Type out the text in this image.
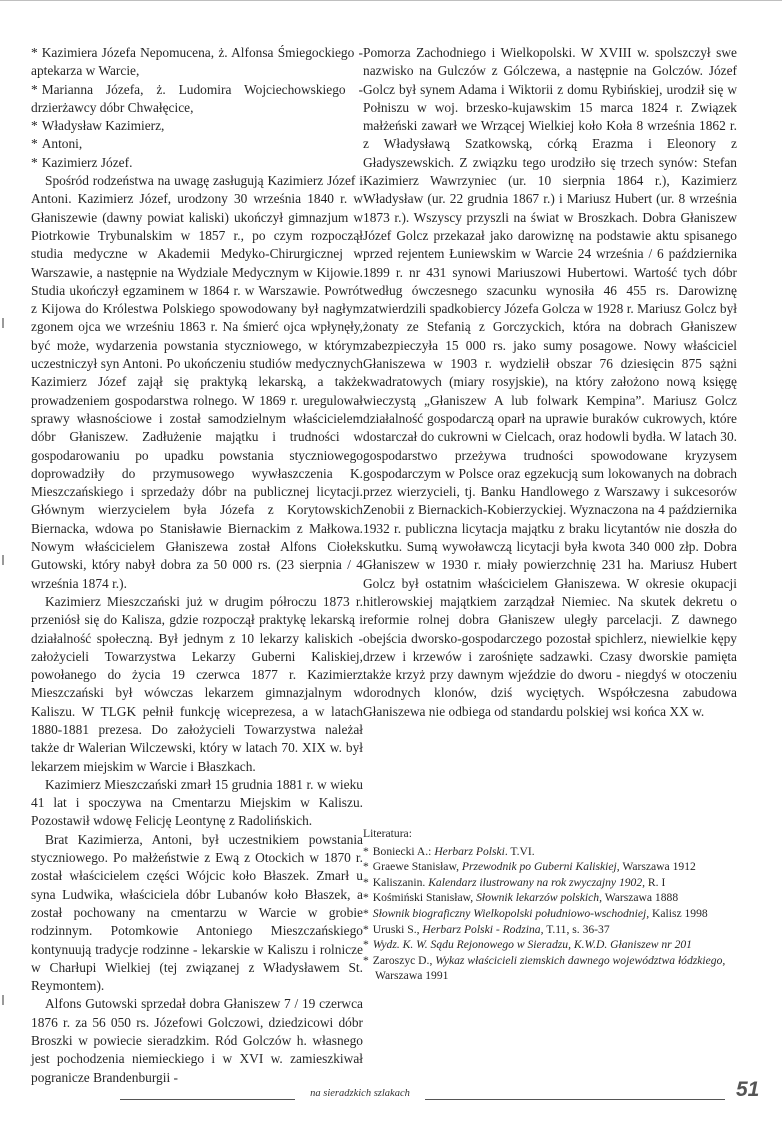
* Kazimiera Józefa Nepomucena, ż. Alfonsa Śmiegockiego - aptekarza w Warcie,

* Marianna Józefa, ż. Ludomira Wojciechowskiego - drzierżawcy dóbr Chwałęcice,

* Władysław Kazimierz,

* Antoni,

* Kazimierz Józef.

Spośród rodzeństwa na uwagę zasługują Kazimierz Józef i Antoni. Kazimierz Józef, urodzony 30 września 1840 r. w Głaniszewie (dawny powiat kaliski) ukończył gimnazjum w Piotrkowie Trybunalskim w 1857 r., po czym rozpoczął studia medyczne w Akademii Medyko-Chirurgicznej w Warszawie, a następnie na Wydziale Medycznym w Kijowie. Studia ukończył egzaminem w 1864 r. w Warszawie. Powrót z Kijowa do Królestwa Polskiego spowodowany był nagłym zgonem ojca we wrześniu 1863 r. Na śmierć ojca wpłynęły, być może, wydarzenia powstania styczniowego, w którym uczestniczył syn Antoni. Po ukończeniu studiów medycznych Kazimierz Józef zajął się praktyką lekarską, a także prowadzeniem gospodarstwa rolnego. W 1869 r. uregulował sprawy własnościowe i został samodzielnym właścicielem dóbr Głaniszew. Zadłużenie majątku i trudności w gospodarowaniu po upadku powstania styczniowego doprowadziły do przymusowego wywłaszczenia K. Mieszczańskiego i sprzedaży dóbr na publicznej licytacji. Głównym wierzycielem była Józefa z Korytowskich Biernacka, wdowa po Stanisławie Biernackim z Małkowa. Nowym właścicielem Głaniszewa został Alfons Ciołek Gutowski, który nabył dobra za 50 000 rs. (23 sierpnia / 4 września 1874 r.).

Kazimierz Mieszczański już w drugim półroczu 1873 r. przeniósł się do Kalisza, gdzie rozpoczął praktykę lekarską i działalność społeczną. Był jednym z 10 lekarzy kaliskich - założycieli Towarzystwa Lekarzy Guberni Kaliskiej, powołanego do życia 19 czerwca 1877 r. Kazimierz Mieszczański był wówczas lekarzem gimnazjalnym w Kaliszu. W TLGK pełnił funkcję wiceprezesa, a w latach 1880-1881 prezesa. Do założycieli Towarzystwa należał także dr Walerian Wilczewski, który w latach 70. XIX w. był lekarzem miejskim w Warcie i Błaszkach.

Kazimierz Mieszczański zmarł 15 grudnia 1881 r. w wieku 41 lat i spoczywa na Cmentarzu Miejskim w Kaliszu. Pozostawił wdowę Felicję Leontynę z Radolińskich.

Brat Kazimierza, Antoni, był uczestnikiem powstania styczniowego. Po małżeństwie z Ewą z Otockich w 1870 r. został właścicielem części Wójcic koło Błaszek. Zmarł u syna Ludwika, właściciela dóbr Lubanów koło Błaszek, a został pochowany na cmentarzu w Warcie w grobie rodzinnym. Potomkowie Antoniego Mieszczańskiego kontynuują tradycje rodzinne - lekarskie w Kaliszu i rolnicze w Charłupi Wielkiej (tej związanej z Władysławem St. Reymontem).

Alfons Gutowski sprzedał dobra Głaniszew 7 / 19 czerwca 1876 r. za 56 050 rs. Józefowi Golczowi, dziedzicowi dóbr Broszki w powiecie sieradzkim. Ród Golczów h. własnego jest pochodzenia niemieckiego i w XVI w. zamieszkiwał pogranicze Brandenburgii -

Pomorza Zachodniego i Wielkopolski. W XVIII w. spolszczył swe nazwisko na Gulczów z Gólczewa, a następnie na Golczów. Józef Golcz był synem Adama i Wiktorii z domu Rybińskiej, urodził się w Połniszu w woj. brzesko-kujawskim 15 marca 1824 r. Związek małżeński zawarł we Wrzącej Wielkiej koło Koła 8 września 1862 r. z Władysławą Szatkowską, córką Erazma i Eleonory z Gładyszewskich. Z związku tego urodziło się trzech synów: Stefan Kazimierz Wawrzyniec (ur. 10 sierpnia 1864 r.), Kazimierz Władysław (ur. 22 grudnia 1867 r.) i Mariusz Hubert (ur. 8 września 1873 r.). Wszyscy przyszli na świat w Broszkach. Dobra Głaniszew Józef Golcz przekazał jako darowiznę na podstawie aktu spisanego przed rejentem Łuniewskim w Warcie 24 września / 6 października 1899 r. nr 431 synowi Mariuszowi Hubertowi. Wartość tych dóbr według ówczesnego szacunku wynosiła 46 455 rs. Darowiznę zatwierdzili spadkobiercy Józefa Golcza w 1928 r. Mariusz Golcz był żonaty ze Stefanią z Gorczyckich, która na dobrach Głaniszew zabezpieczyła 15 000 rs. jako sumy posagowe. Nowy właściciel Głaniszewa w 1903 r. wydzielił obszar 76 dziesięcin 875 sążni kwadratowych (miary rosyjskie), na który założono nową księgę wieczystą „Głaniszew A lub folwark Kempina”. Mariusz Golcz działalność gospodarczą oparł na uprawie buraków cukrowych, które dostarczał do cukrowni w Cielcach, oraz hodowli bydła. W latach 30. gospodarstwo przeżywa trudności spowodowane kryzysem gospodarczym w Polsce oraz egzekucją sum lokowanych na dobrach przez wierzycieli, tj. Banku Handlowego z Warszawy i sukcesorów Zenobii z Biernackich-Kobierzyckiej. Wyznaczona na 4 października 1932 r. publiczna licytacja majątku z braku licytantów nie doszła do skutku. Sumą wywoławczą licytacji była kwota 340 000 złp. Dobra Głaniszew w 1930 r. miały powierzchnię 231 ha. Mariusz Hubert Golcz był ostatnim właścicielem Głaniszewa. W okresie okupacji hitlerowskiej majątkiem zarządzał Niemiec. Na skutek dekretu o reformie rolnej dobra Głaniszew uległy parcelacji. Z dawnego obejścia dworsko-gospodarczego pozostał spichlerz, niewielkie kępy drzew i krzewów i zarośnięte sadzawki. Czasy dworskie pamięta także krzyż przy dawnym wjeździe do dworu - niegdyś w otoczeniu dorodnych klonów, dziś wyciętych. Współczesna zabudowa Głaniszewa nie odbiega od standardu polskiej wsi końca XX w.

Literatura:

* Boniecki A.: Herbarz Polski. T.VI.

* Graewe Stanisław, Przewodnik po Guberni Kaliskiej, Warszawa 1912

* Kaliszanin. Kalendarz ilustrowany na rok zwyczajny 1902, R. I

* Kośmiński Stanisław, Słownik lekarzów polskich, Warszawa 1888

* Słownik biograficzny Wielkopolski południowo-wschodniej, Kalisz 1998

* Uruski S., Herbarz Polski - Rodzina, T.11, s. 36-37

* Wydz. K. W. Sądu Rejonowego w Sieradzu, K.W.D. Głaniszew nr 201

* Zaroszyc D., Wykaz właścicieli ziemskich dawnego województwa łódzkiego, Warszawa 1991

na sieradzkich szlakach	51
